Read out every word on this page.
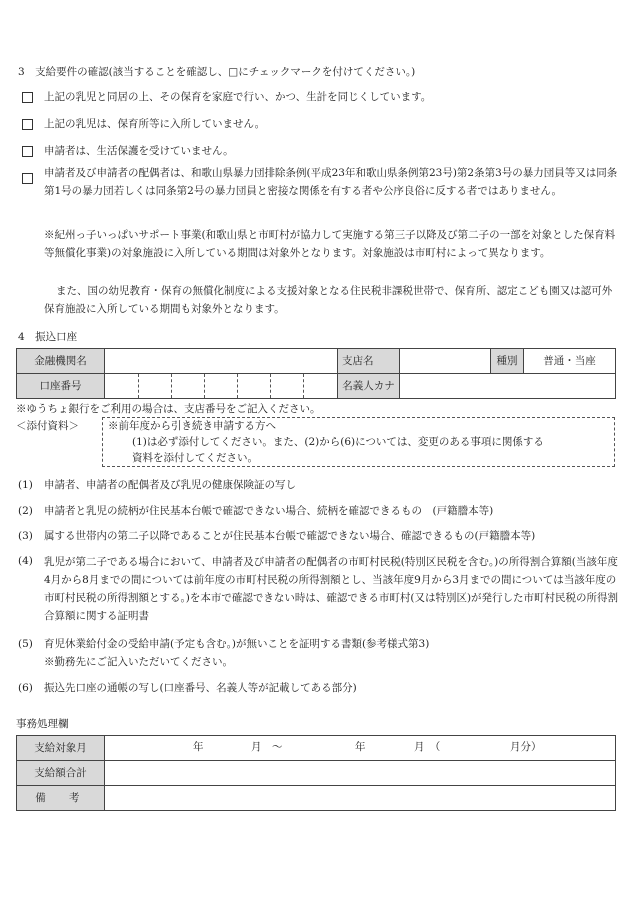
3　支給要件の確認(該当することを確認し、□にチェックマークを付けてください。)
上記の乳児と同居の上、その保育を家庭で行い、かつ、生計を同じくしています。
上記の乳児は、保育所等に入所していません。
申請者は、生活保護を受けていません。
申請者及び申請者の配偶者は、和歌山県暴力団排除条例(平成23年和歌山県条例第23号)第2条第3号の暴力団員等又は同条第1号の暴力団若しくは同条第2号の暴力団員と密接な関係を有する者や公序良俗に反する者ではありません。
※紀州っ子いっぱいサポート事業(和歌山県と市町村が協力して実施する第三子以降及び第二子の一部を対象とした保育料等無償化事業)の対象施設に入所している期間は対象外となります。対象施設は市町村によって異なります。
また、国の幼児教育・保育の無償化制度による支援対象となる住民税非課税世帯で、保育所、認定こども園又は認可外保育施設に入所している期間も対象外となります。
4　振込口座
金融機関名		支店名		種別	普通・当座
口座番号		名義人カナ			
※ゆうちょ銀行をご利用の場合は、支店番号をご記入ください。
＜添付資料＞	※前年度から引き続き申請する方へ
(1)は必ず添付してください。また、(2)から(6)については、変更のある事項に関係する
資料を添付してください。
(1) 申請者、申請者の配偶者及び乳児の健康保険証の写し
(2) 申請者と乳児の続柄が住民基本台帳で確認できない場合、続柄を確認できるもの　(戸籍謄本等)
(3) 属する世帯内の第二子以降であることが住民基本台帳で確認できない場合、確認できるもの(戸籍謄本等)
(4) 乳児が第二子である場合において、申請者及び申請者の配偶者の市町村民税(特別区民税を含む。)の所得割合算額(当該年度4月から8月までの間については前年度の市町村民税の所得割額とし、当該年度9月から3月までの間については当該年度の市町村民税の所得割額とする。)を本市で確認できない時は、確認できる市町村(又は特別区)が発行した市町村民税の所得割合算額に関する証明書
(5) 育児休業給付金の受給申請(予定も含む。)が無いことを証明する書類(参考様式第3)
※勤務先にご記入いただいてください。
(6) 振込先口座の通帳の写し(口座番号、名義人等が記載してある部分)
事務処理欄
支給対象月	年 月　～ 年 月　（ 月分）

支給額合計	
備　考	
